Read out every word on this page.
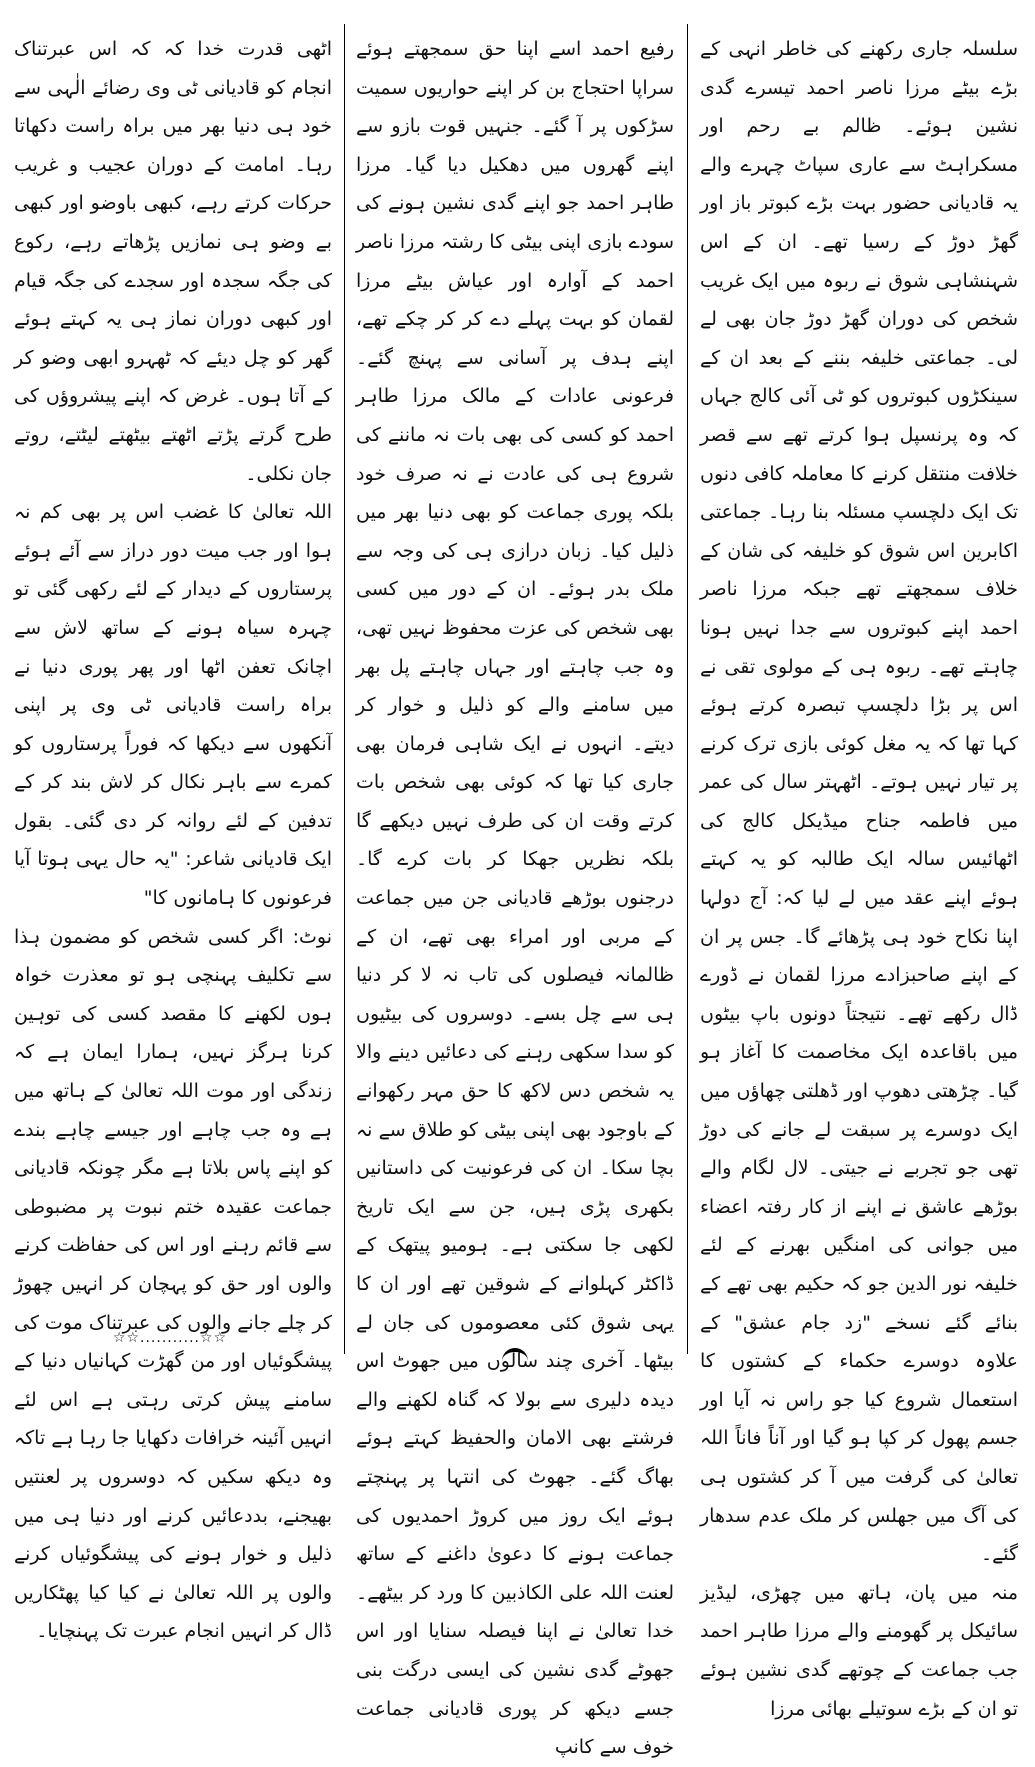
سلسلہ جاری رکھنے کی خاطر انہی کے بڑے بیٹے مرزا ناصر احمد تیسرے گدی نشین ہوئے۔ ظالم بے رحم اور مسکراہٹ سے عاری سپاٹ چہرے والے یہ قادیانی حضور بہت بڑے کبوتر باز اور گھڑ دوڑ کے رسیا تھے۔ ان کے اس شہنشاہی شوق نے ربوہ میں ایک غریب شخص کی دوران گھڑ دوڑ جان بھی لے لی۔ جماعتی خلیفہ بننے کے بعد ان کے سینکڑوں کبوتروں کو ٹی آئی کالج جہاں کہ وہ پرنسپل ہوا کرتے تھے سے قصر خلافت منتقل کرنے کا معاملہ کافی دنوں تک ایک دلچسپ مسئلہ بنا رہا۔ جماعتی اکابرین اس شوق کو خلیفہ کی شان کے خلاف سمجھتے تھے جبکہ مرزا ناصر احمد اپنے کبوتروں سے جدا نہیں ہونا چاہتے تھے۔ ربوہ ہی کے مولوی تقی نے اس پر بڑا دلچسپ تبصرہ کرتے ہوئے کہا تھا کہ یہ مغل کوئی بازی ترک کرنے پر تیار نہیں ہوتے۔ اٹھہتر سال کی عمر میں فاطمہ جناح میڈیکل کالج کی اٹھائیس سالہ ایک طالبہ کو یہ کہتے ہوئے اپنے عقد میں لے لیا کہ: آج دولہا اپنا نکاح خود ہی پڑھائے گا۔ جس پر ان کے اپنے صاحبزادے مرزا لقمان نے ڈورے ڈال رکھے تھے۔ نتیجتاً دونوں باپ بیٹوں میں باقاعدہ ایک مخاصمت کا آغاز ہو گیا۔ چڑھتی دھوپ اور ڈھلتی چھاؤں میں ایک دوسرے پر سبقت لے جانے کی دوڑ تھی جو تجربے نے جیتی۔ لال لگام والے بوڑھے عاشق نے اپنے از کار رفتہ اعضاء میں جوانی کی امنگیں بھرنے کے لئے خلیفہ نور الدین جو کہ حکیم بھی تھے کے بنائے گئے نسخے "زد جام عشق" کے علاوہ دوسرے حکماء کے کشتوں کا استعمال شروع کیا جو راس نہ آیا اور جسم پھول کر کپا ہو گیا اور آناً فاناً اللہ تعالیٰ کی گرفت میں آ کر کشتوں ہی کی آگ میں جھلس کر ملک عدم سدھار گئے۔

منہ میں پان، ہاتھ میں چھڑی، لیڈیز سائیکل پر گھومنے والے مرزا طاہر احمد جب جماعت کے چوتھے گدی نشین ہوئے تو ان کے بڑے سوتیلے بھائی مرزا

رفیع احمد اسے اپنا حق سمجھتے ہوئے سراپا احتجاج بن کر اپنے حواریوں سمیت سڑکوں پر آ گئے۔ جنہیں قوت بازو سے اپنے گھروں میں دھکیل دیا گیا۔ مرزا طاہر احمد جو اپنے گدی نشین ہونے کی سودے بازی اپنی بیٹی کا رشتہ مرزا ناصر احمد کے آوارہ اور عیاش بیٹے مرزا لقمان کو بہت پہلے دے کر کر چکے تھے، اپنے ہدف پر آسانی سے پہنچ گئے۔ فرعونی عادات کے مالک مرزا طاہر احمد کو کسی کی بھی بات نہ ماننے کی شروع ہی کی عادت نے نہ صرف خود بلکہ پوری جماعت کو بھی دنیا بھر میں ذلیل کیا۔ زبان درازی ہی کی وجہ سے ملک بدر ہوئے۔ ان کے دور میں کسی بھی شخص کی عزت محفوظ نہیں تھی، وہ جب چاہتے اور جہاں چاہتے پل بھر میں سامنے والے کو ذلیل و خوار کر دیتے۔ انہوں نے ایک شاہی فرمان بھی جاری کیا تھا کہ کوئی بھی شخص بات کرتے وقت ان کی طرف نہیں دیکھے گا بلکہ نظریں جھکا کر بات کرے گا۔ درجنوں بوڑھے قادیانی جن میں جماعت کے مربی اور امراء بھی تھے، ان کے ظالمانہ فیصلوں کی تاب نہ لا کر دنیا ہی سے چل بسے۔ دوسروں کی بیٹیوں کو سدا سکھی رہنے کی دعائیں دینے والا یہ شخص دس لاکھ کا حق مہر رکھوانے کے باوجود بھی اپنی بیٹی کو طلاق سے نہ بچا سکا۔ ان کی فرعونیت کی داستانیں بکھری پڑی ہیں، جن سے ایک تاریخ لکھی جا سکتی ہے۔ ہومیو پیتھک کے ڈاکٹر کہلوانے کے شوقین تھے اور ان کا یہی شوق کئی معصوموں کی جان لے بیٹھا۔ آخری چند سالوں میں جھوٹ اس دیدہ دلیری سے بولا کہ گناہ لکھنے والے فرشتے بھی الامان والحفیظ کہتے ہوئے بھاگ گئے۔ جھوٹ کی انتہا پر پہنچتے ہوئے ایک روز میں کروڑ احمدیوں کی جماعت ہونے کا دعویٰ داغنے کے ساتھ لعنت اللہ علی الکاذبین کا ورد کر بیٹھے۔ خدا تعالیٰ نے اپنا فیصلہ سنایا اور اس جھوٹے گدی نشین کی ایسی درگت بنی جسے دیکھ کر پوری قادیانی جماعت خوف سے کانپ

اٹھی قدرت خدا کہ کہ اس عبرتناک انجام کو قادیانی ٹی وی رضائے الٰہی سے خود ہی دنیا بھر میں براہ راست دکھاتا رہا۔ امامت کے دوران عجیب و غریب حرکات کرتے رہے، کبھی باوضو اور کبھی بے وضو ہی نمازیں پڑھاتے رہے، رکوع کی جگہ سجدہ اور سجدے کی جگہ قیام اور کبھی دوران نماز ہی یہ کہتے ہوئے گھر کو چل دیئے کہ ٹھہرو ابھی وضو کر کے آتا ہوں۔ غرض کہ اپنے پیشروؤں کی طرح گرتے پڑتے اٹھتے بیٹھتے لیٹتے، روتے جان نکلی۔

اللہ تعالیٰ کا غضب اس پر بھی کم نہ ہوا اور جب میت دور دراز سے آئے ہوئے پرستاروں کے دیدار کے لئے رکھی گئی تو چہرہ سیاہ ہونے کے ساتھ لاش سے اچانک تعفن اٹھا اور پھر پوری دنیا نے براہ راست قادیانی ٹی وی پر اپنی آنکھوں سے دیکھا کہ فوراً پرستاروں کو کمرے سے باہر نکال کر لاش بند کر کے تدفین کے لئے روانہ کر دی گئی۔ بقول ایک قادیانی شاعر: "یہ حال یہی ہوتا آیا فرعونوں کا ہامانوں کا"

نوٹ: اگر کسی شخص کو مضمون ہذا سے تکلیف پہنچی ہو تو معذرت خواہ ہوں لکھنے کا مقصد کسی کی توہین کرنا ہرگز نہیں، ہمارا ایمان ہے کہ زندگی اور موت اللہ تعالیٰ کے ہاتھ میں ہے وہ جب چاہے اور جیسے چاہے بندے کو اپنے پاس بلاتا ہے مگر چونکہ قادیانی جماعت عقیدہ ختم نبوت پر مضبوطی سے قائم رہنے اور اس کی حفاظت کرنے والوں اور حق کو پہچان کر انہیں چھوڑ کر چلے جانے والوں کی عبرتناک موت کی پیشگوئیاں اور من گھڑت کہانیاں دنیا کے سامنے پیش کرتی رہتی ہے اس لئے انہیں آئینہ خرافات دکھایا جا رہا ہے تاکہ وہ دیکھ سکیں کہ دوسروں پر لعنتیں بھیجنے، بددعائیں کرنے اور دنیا ہی میں ذلیل و خوار ہونے کی پیشگوئیاں کرنے والوں پر اللہ تعالیٰ نے کیا کیا پھٹکاریں ڈال کر انہیں انجام عبرت تک پہنچایا۔

☆☆...........☆☆
